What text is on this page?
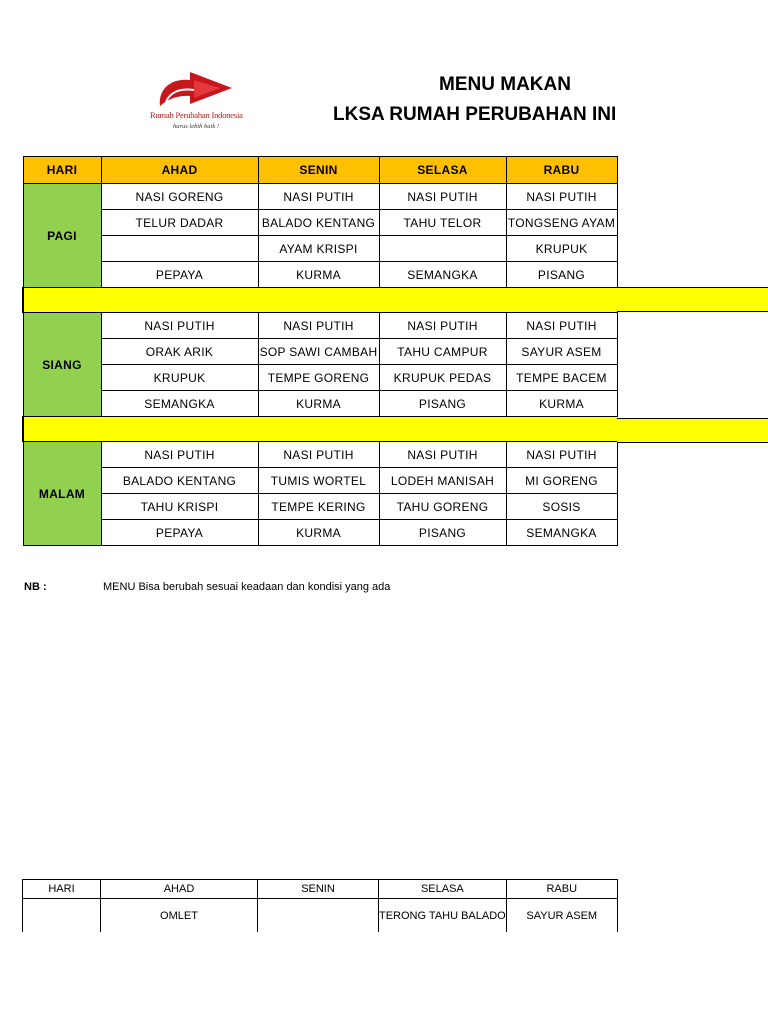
Rumah Perubahan Indonesia
harus lebih baik !
MENU MAKAN
LKSA RUMAH PERUBAHAN INI
HARI	AHAD	SENIN	SELASA	RABU
PAGI	NASI GORENG	NASI PUTIH	NASI PUTIH	NASI PUTIH
	TELUR DADAR	BALADO KENTANG	TAHU TELOR	TONGSENG AYAM
		AYAM KRISPI		KRUPUK
	PEPAYA	KURMA	SEMANGKA	PISANG

SIANG	NASI PUTIH	NASI PUTIH	NASI PUTIH	NASI PUTIH
	ORAK ARIK	SOP SAWI CAMBAH	TAHU CAMPUR	SAYUR ASEM
	KRUPUK	TEMPE GORENG	KRUPUK PEDAS	TEMPE BACEM
	SEMANGKA	KURMA	PISANG	KURMA

MALAM	NASI PUTIH	NASI PUTIH	NASI PUTIH	NASI PUTIH
	BALADO KENTANG	TUMIS WORTEL	LODEH MANISAH	MI GORENG
	TAHU KRISPI	TEMPE KERING	TAHU GORENG	SOSIS
	PEPAYA	KURMA	PISANG	SEMANGKA
NB :	MENU Bisa berubah sesuai keadaan dan kondisi yang ada
HARI	AHAD	SENIN	SELASA	RABU
	OMLET		TERONG TAHU BALADO	SAYUR ASEM
